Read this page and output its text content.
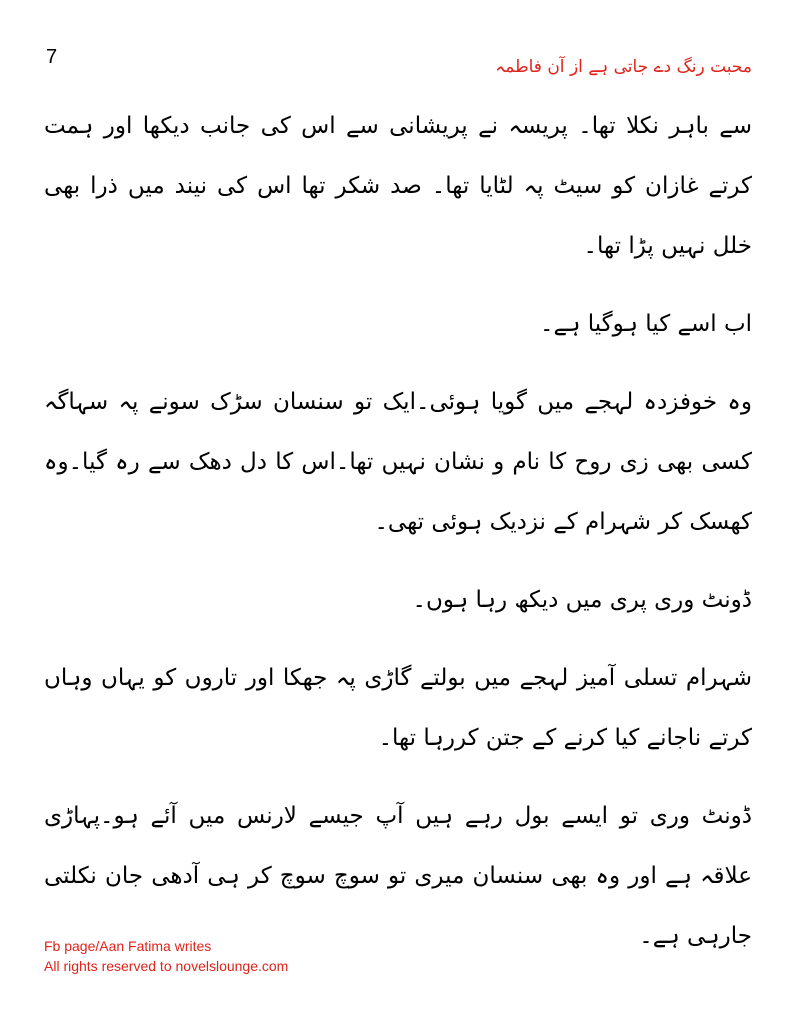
7	محبت رنگ دے جاتی ہے از آن فاطمہ

سے باہر نکلا تھا۔ پریسہ نے پریشانی سے اس کی جانب دیکھا اور ہمت کرتے غازان کو سیٹ پہ لٹایا تھا۔ صد شکر تھا اس کی نیند میں ذرا بھی خلل نہیں پڑا تھا۔

اب اسے کیا ہوگیا ہے۔

وہ خوفزدہ لہجے میں گویا ہوئی۔ایک تو سنسان سڑک سونے پہ سہاگہ کسی بھی زی روح کا نام و نشان نہیں تھا۔اس کا دل دھک سے رہ گیا۔وہ کھسک کر شہرام کے نزدیک ہوئی تھی۔

ڈونٹ وری پری میں دیکھ رہا ہوں۔

شہرام تسلی آمیز لہجے میں بولتے گاڑی پہ جھکا اور تاروں کو یہاں وہاں کرتے ناجانے کیا کرنے کے جتن کررہا تھا۔

ڈونٹ وری تو ایسے بول رہے ہیں آپ جیسے لارنس میں آئے ہو۔پہاڑی علاقہ ہے اور وہ بھی سنسان میری تو سوچ سوچ کر ہی آدھی جان نکلتی جارہی ہے۔

Fb page/Aan Fatima writes
All rights reserved to novelslounge.com
